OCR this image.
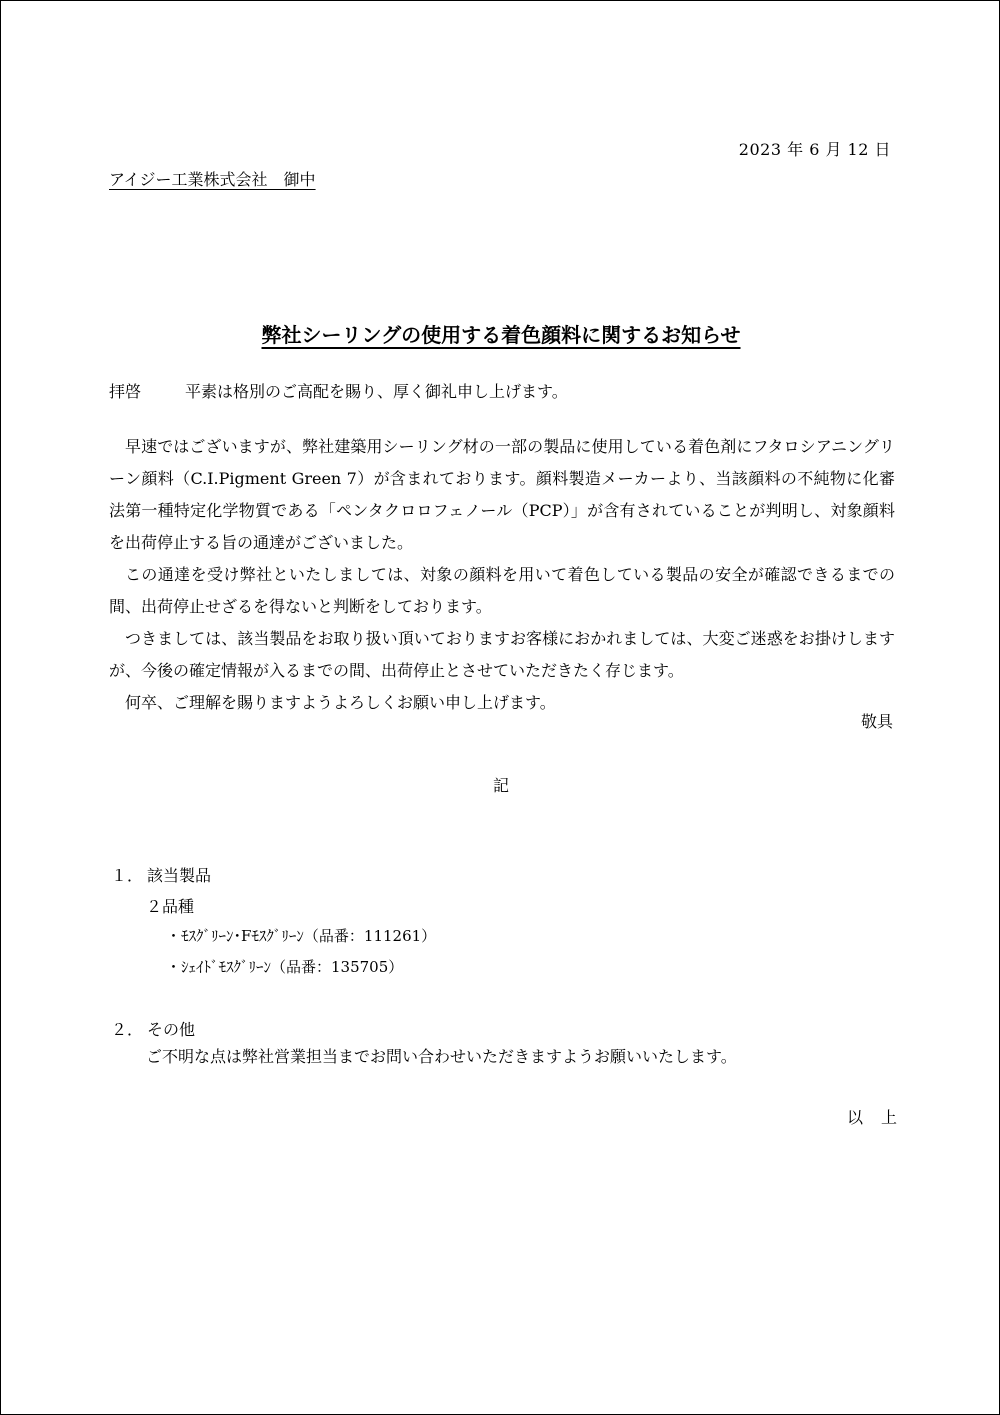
2023 年 6 月 12 日
アイジー工業株式会社　御中
弊社シーリングの使用する着色顔料に関するお知らせ
拝啓	平素は格別のご高配を賜り、厚く御礼申し上げます。

早速ではございますが、弊社建築用シーリング材の一部の製品に使用している着色剤にフタロシアニングリーン顔料（C.I.Pigment Green 7）が含まれております。顔料製造メーカーより、当該顔料の不純物に化審法第一種特定化学物質である「ペンタクロロフェノール（PCP）」が含有されていることが判明し、対象顔料を出荷停止する旨の通達がございました。

この通達を受け弊社といたしましては、対象の顔料を用いて着色している製品の安全が確認できるまでの間、出荷停止せざるを得ないと判断をしております。

つきましては、該当製品をお取り扱い頂いておりますお客様におかれましては、大変ご迷惑をお掛けしますが、今後の確定情報が入るまでの間、出荷停止とさせていただきたく存じます。

何卒、ご理解を賜りますようよろしくお願い申し上げます。

敬具
記
１． 該当製品
２品種
・ﾓｽｸﾞﾘｰﾝ･Fﾓｽｸﾞﾘｰﾝ（品番：111261）
・ｼｪｲﾄﾞﾓｽｸﾞﾘｰﾝ（品番：135705）
２． その他
ご不明な点は弊社営業担当までお問い合わせいただきますようお願いいたします。
以上
